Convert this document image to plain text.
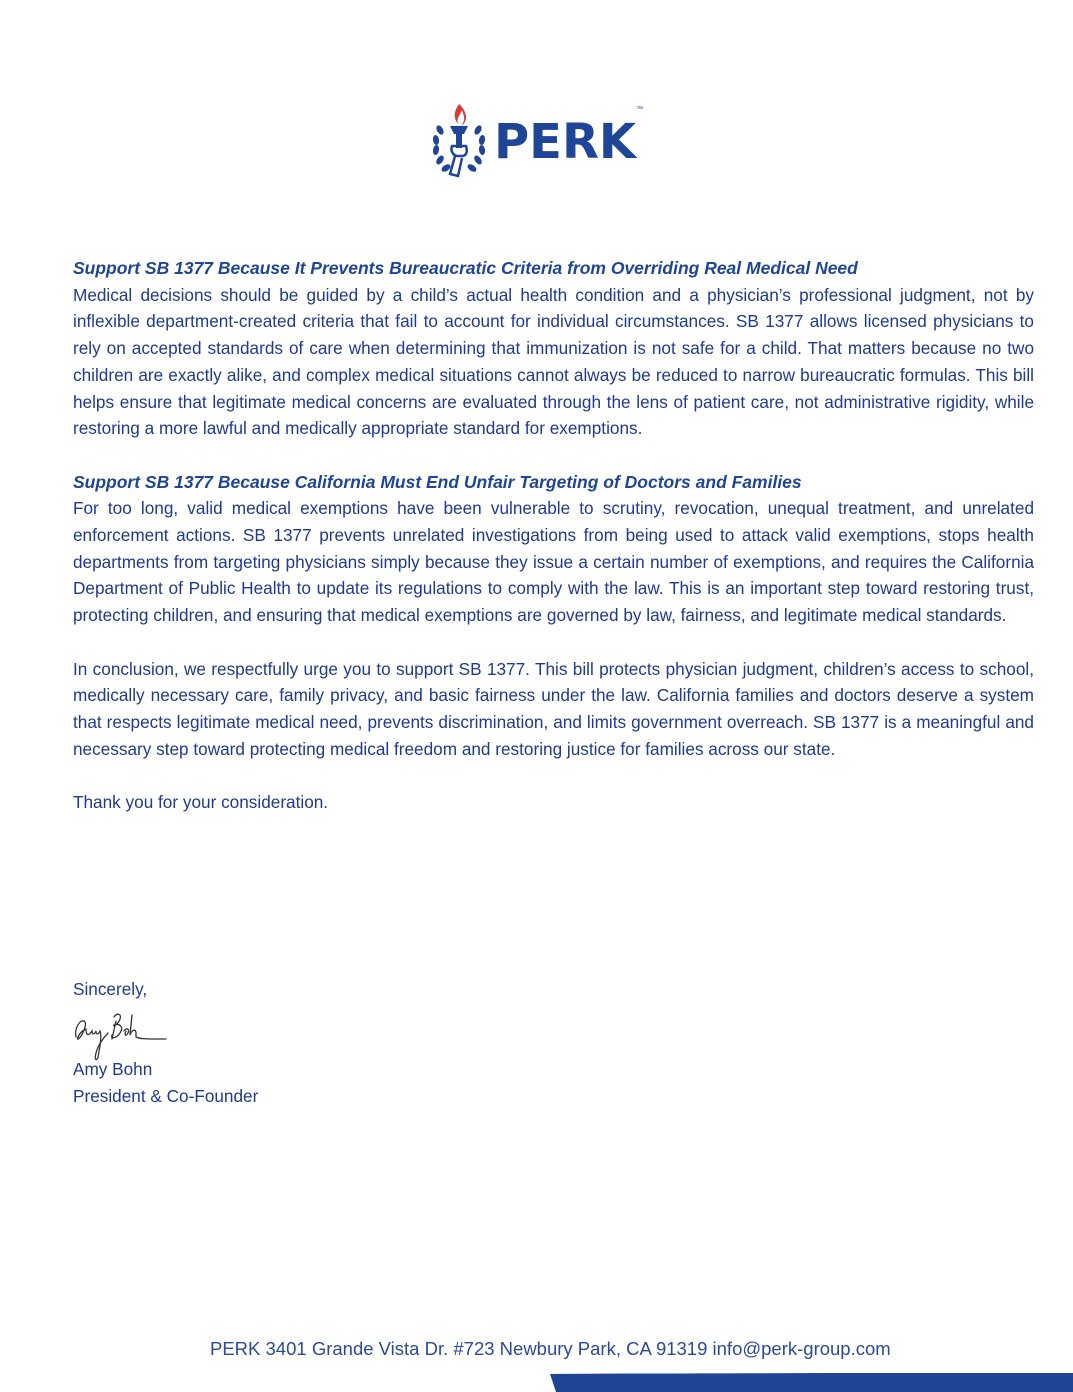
PERK
™

Support SB 1377 Because It Prevents Bureaucratic Criteria from Overriding Real Medical Need

Medical decisions should be guided by a child’s actual health condition and a physician’s professional judgment, not by inflexible department-created criteria that fail to account for individual circumstances. SB 1377 allows licensed physicians to rely on accepted standards of care when determining that immunization is not safe for a child. That matters because no two children are exactly alike, and complex medical situations cannot always be reduced to narrow bureaucratic formulas. This bill helps ensure that legitimate medical concerns are evaluated through the lens of patient care, not administrative rigidity, while restoring a more lawful and medically appropriate standard for exemptions.

Support SB 1377 Because California Must End Unfair Targeting of Doctors and Families

For too long, valid medical exemptions have been vulnerable to scrutiny, revocation, unequal treatment, and unrelated enforcement actions. SB 1377 prevents unrelated investigations from being used to attack valid exemptions, stops health departments from targeting physicians simply because they issue a certain number of exemptions, and requires the California Department of Public Health to update its regulations to comply with the law. This is an important step toward restoring trust, protecting children, and ensuring that medical exemptions are governed by law, fairness, and legitimate medical standards.

In conclusion, we respectfully urge you to support SB 1377. This bill protects physician judgment, children’s access to school, medically necessary care, family privacy, and basic fairness under the law. California families and doctors deserve a system that respects legitimate medical need, prevents discrimination, and limits government overreach. SB 1377 is a meaningful and necessary step toward protecting medical freedom and restoring justice for families across our state.

Thank you for your consideration.

Sincerely,
Amy Bohn
President & Co-Founder
PERK 3401 Grande Vista Dr. #723 Newbury Park, CA 91319 info@perk-group.com
